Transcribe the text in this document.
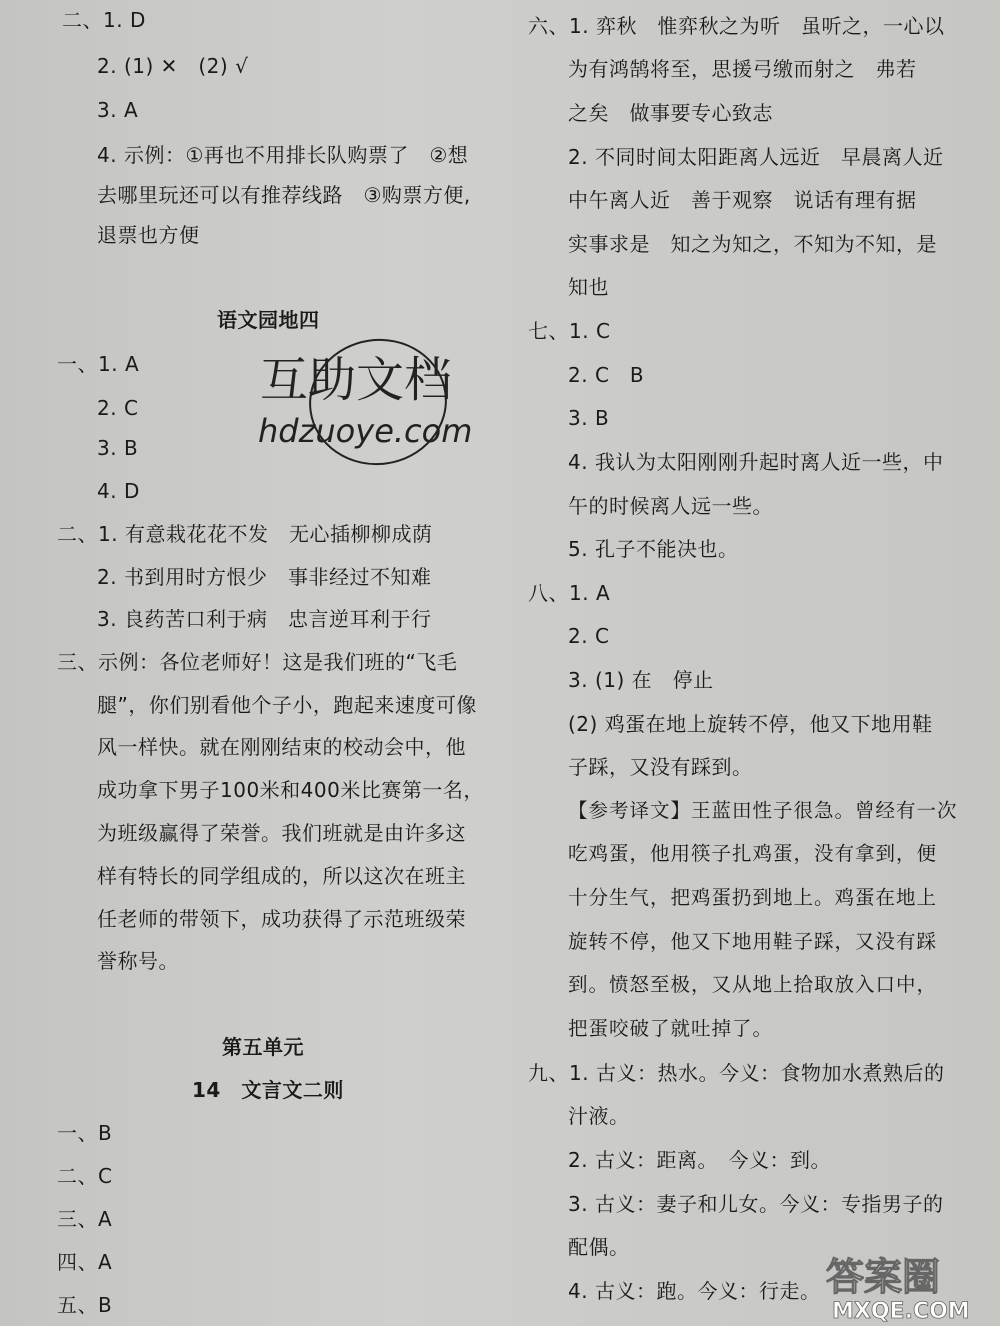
二、1. D
2. (1) ✕　(2) √
3. A
4. 示例：①再也不用排长队购票了　②想
去哪里玩还可以有推荐线路　③购票方便,
退票也方便
语文园地四
一、1. A
2. C
3. B
4. D
二、1. 有意栽花花不发　无心插柳柳成荫
2. 书到用时方恨少　事非经过不知难
3. 良药苦口利于病　忠言逆耳利于行
三、示例：各位老师好！这是我们班的“飞毛
腿”，你们别看他个子小，跑起来速度可像
风一样快。就在刚刚结束的校动会中，他
成功拿下男子100米和400米比赛第一名，
为班级赢得了荣誉。我们班就是由许多这
样有特长的同学组成的，所以这次在班主
任老师的带领下，成功获得了示范班级荣
誉称号。
第五单元
14　文言文二则
一、B
二、C
三、A
四、A
五、B
六、1. 弈秋　惟弈秋之为听　虽听之，一心以
为有鸿鹄将至，思援弓缴而射之　弗若
之矣　做事要专心致志
2. 不同时间太阳距离人远近　早晨离人近
中午离人近　善于观察　说话有理有据
实事求是　知之为知之，不知为不知，是
知也
七、1. C
2. C　B
3. B
4. 我认为太阳刚刚升起时离人近一些，中
午的时候离人远一些。
5. 孔子不能决也。
八、1. A
2. C
3. (1) 在　停止
(2) 鸡蛋在地上旋转不停，他又下地用鞋
子踩，又没有踩到。
【参考译文】王蓝田性子很急。曾经有一次
吃鸡蛋，他用筷子扎鸡蛋，没有拿到，便
十分生气，把鸡蛋扔到地上。鸡蛋在地上
旋转不停，他又下地用鞋子踩，又没有踩
到。愤怒至极，又从地上拾取放入口中，
把蛋咬破了就吐掉了。
九、1. 古义：热水。今义：食物加水煮熟后的
汁液。
2. 古义：距离。　今义：到。
3. 古义：妻子和儿女。今义：专指男子的
配偶。
4. 古义：跑。今义：行走。
互助文档
hdzuoye.com
答案圈
MXQE.COM
